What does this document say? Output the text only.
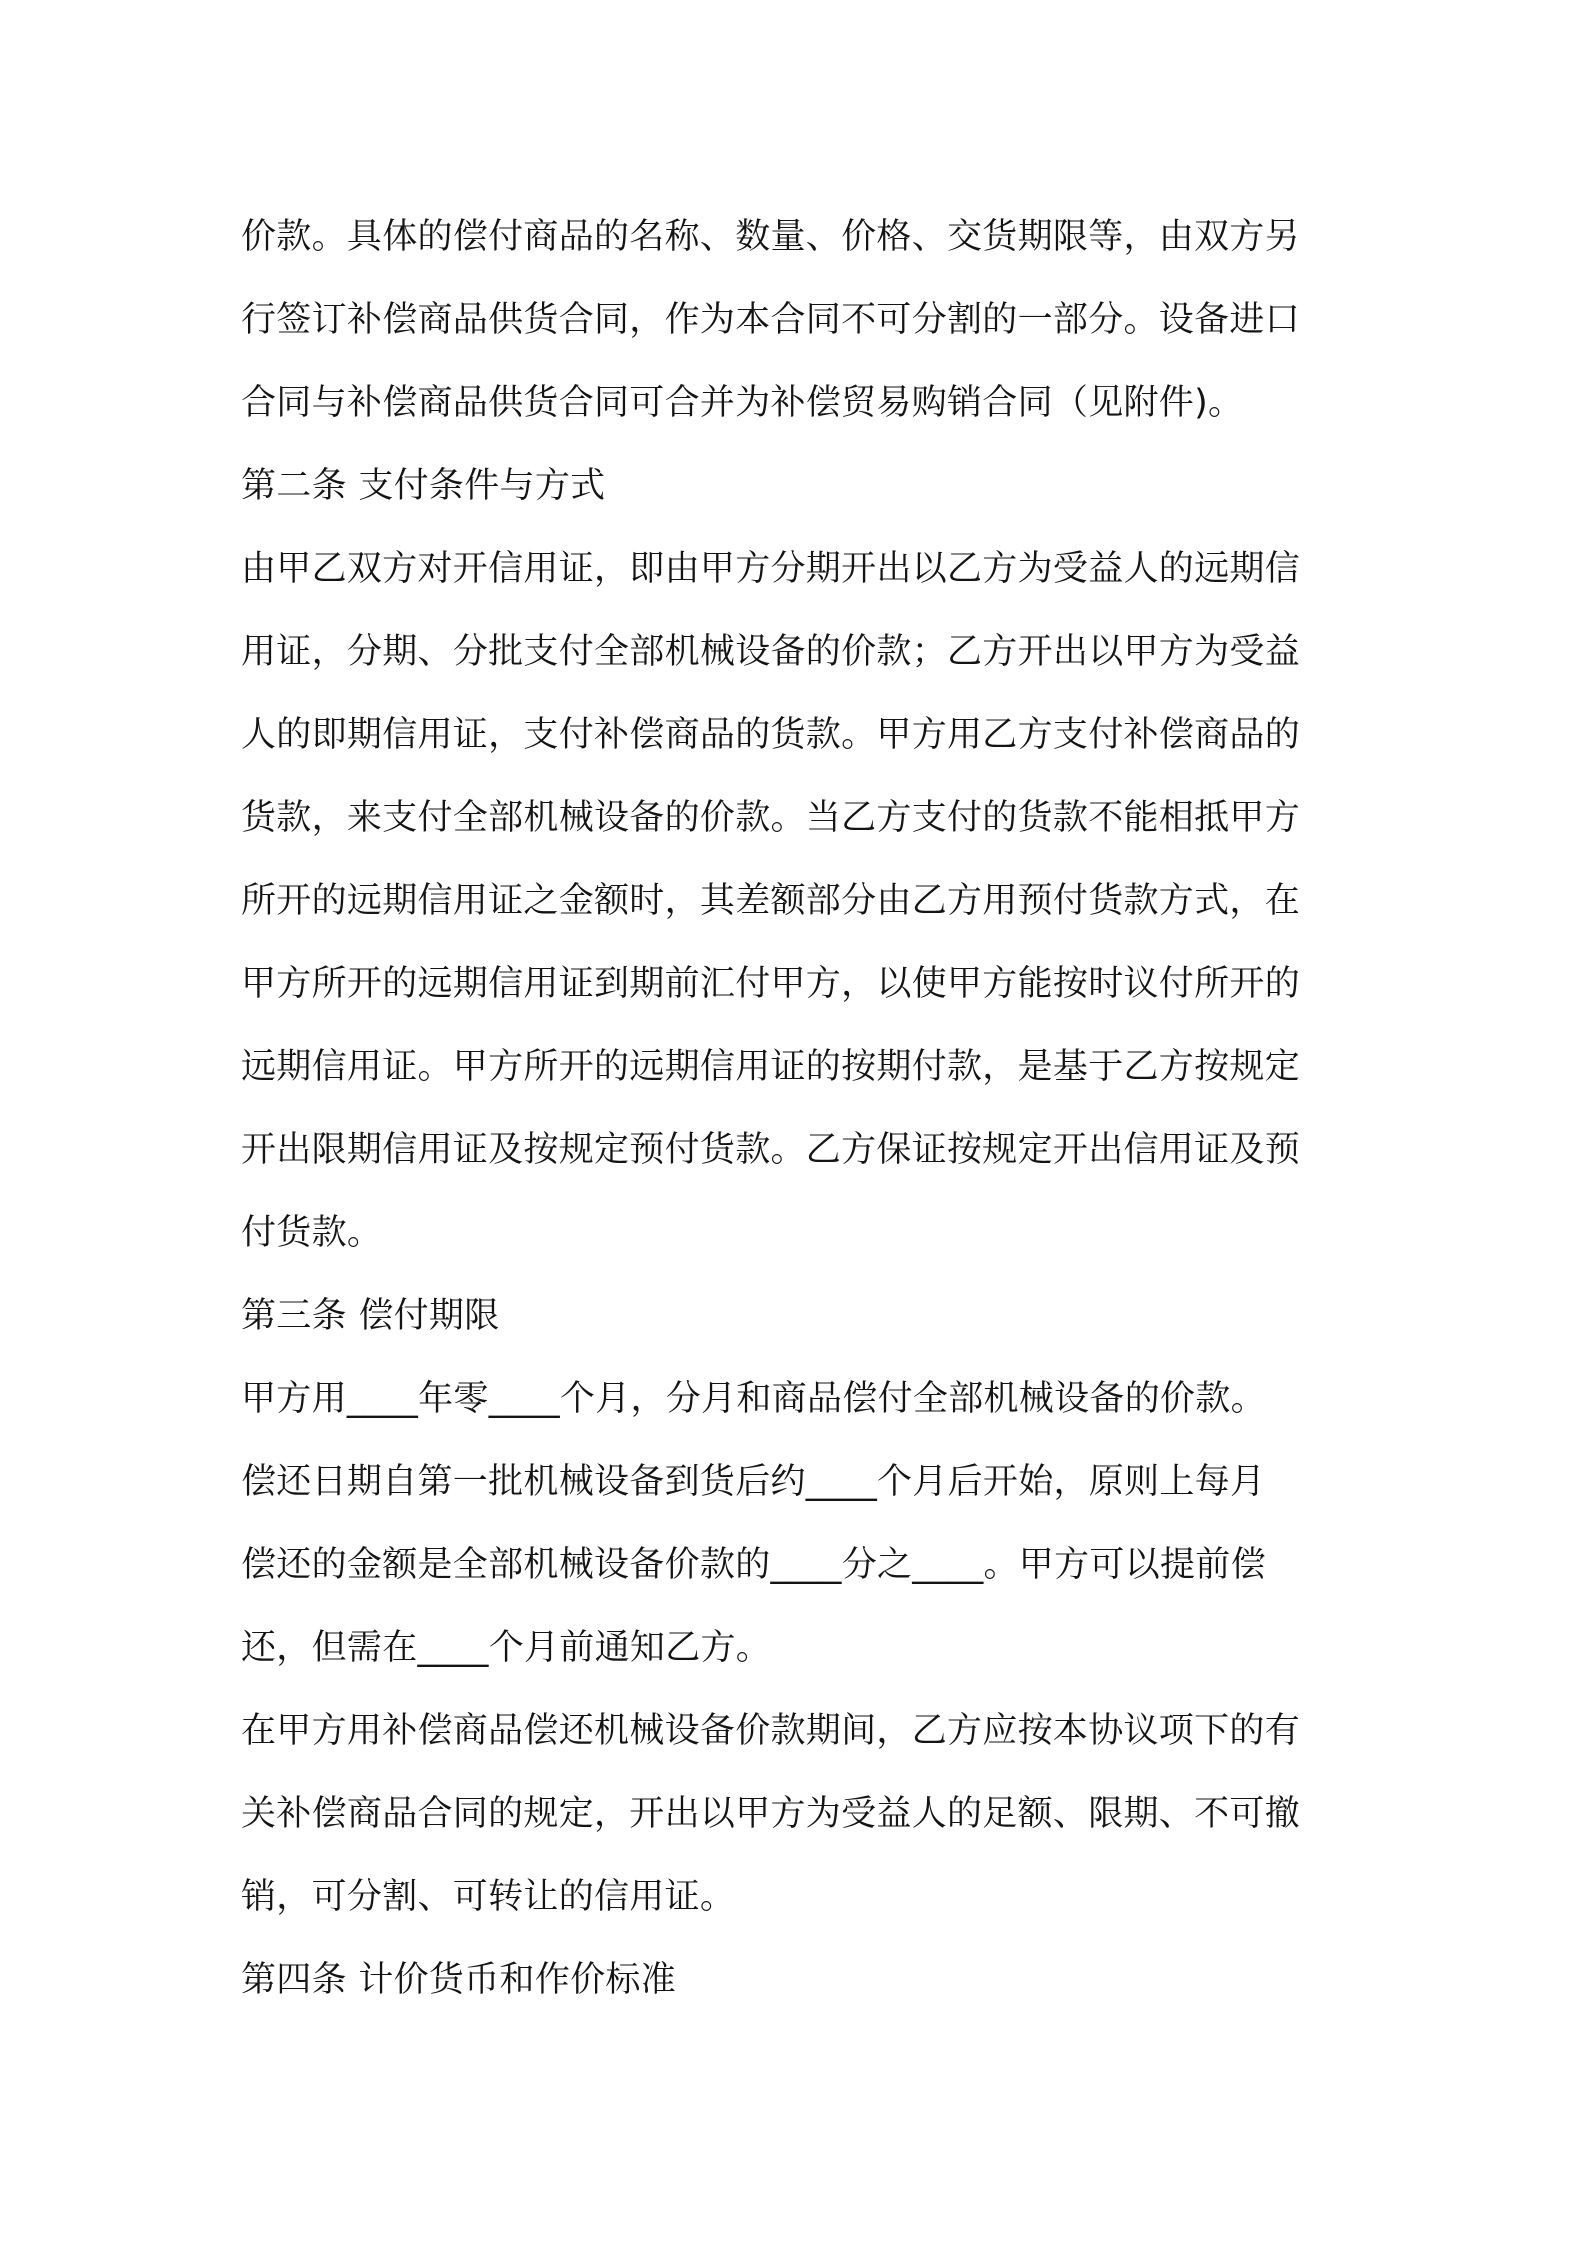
价款。具体的偿付商品的名称、数量、价格、交货期限等，由双方另
行签订补偿商品供货合同，作为本合同不可分割的一部分。设备进口
合同与补偿商品供货合同可合并为补偿贸易购销合同（见附件)。
第二条 支付条件与方式
由甲乙双方对开信用证，即由甲方分期开出以乙方为受益人的远期信
用证，分期、分批支付全部机械设备的价款；乙方开出以甲方为受益
人的即期信用证，支付补偿商品的货款。甲方用乙方支付补偿商品的
货款，来支付全部机械设备的价款。当乙方支付的货款不能相抵甲方
所开的远期信用证之金额时，其差额部分由乙方用预付货款方式，在
甲方所开的远期信用证到期前汇付甲方，以使甲方能按时议付所开的
远期信用证。甲方所开的远期信用证的按期付款，是基于乙方按规定
开出限期信用证及按规定预付货款。乙方保证按规定开出信用证及预
付货款。
第三条 偿付期限
甲方用____年零____个月，分月和商品偿付全部机械设备的价款。
偿还日期自第一批机械设备到货后约____个月后开始，原则上每月
偿还的金额是全部机械设备价款的____分之____。甲方可以提前偿
还，但需在____个月前通知乙方。
在甲方用补偿商品偿还机械设备价款期间，乙方应按本协议项下的有
关补偿商品合同的规定，开出以甲方为受益人的足额、限期、不可撤
销，可分割、可转让的信用证。
第四条 计价货币和作价标准
